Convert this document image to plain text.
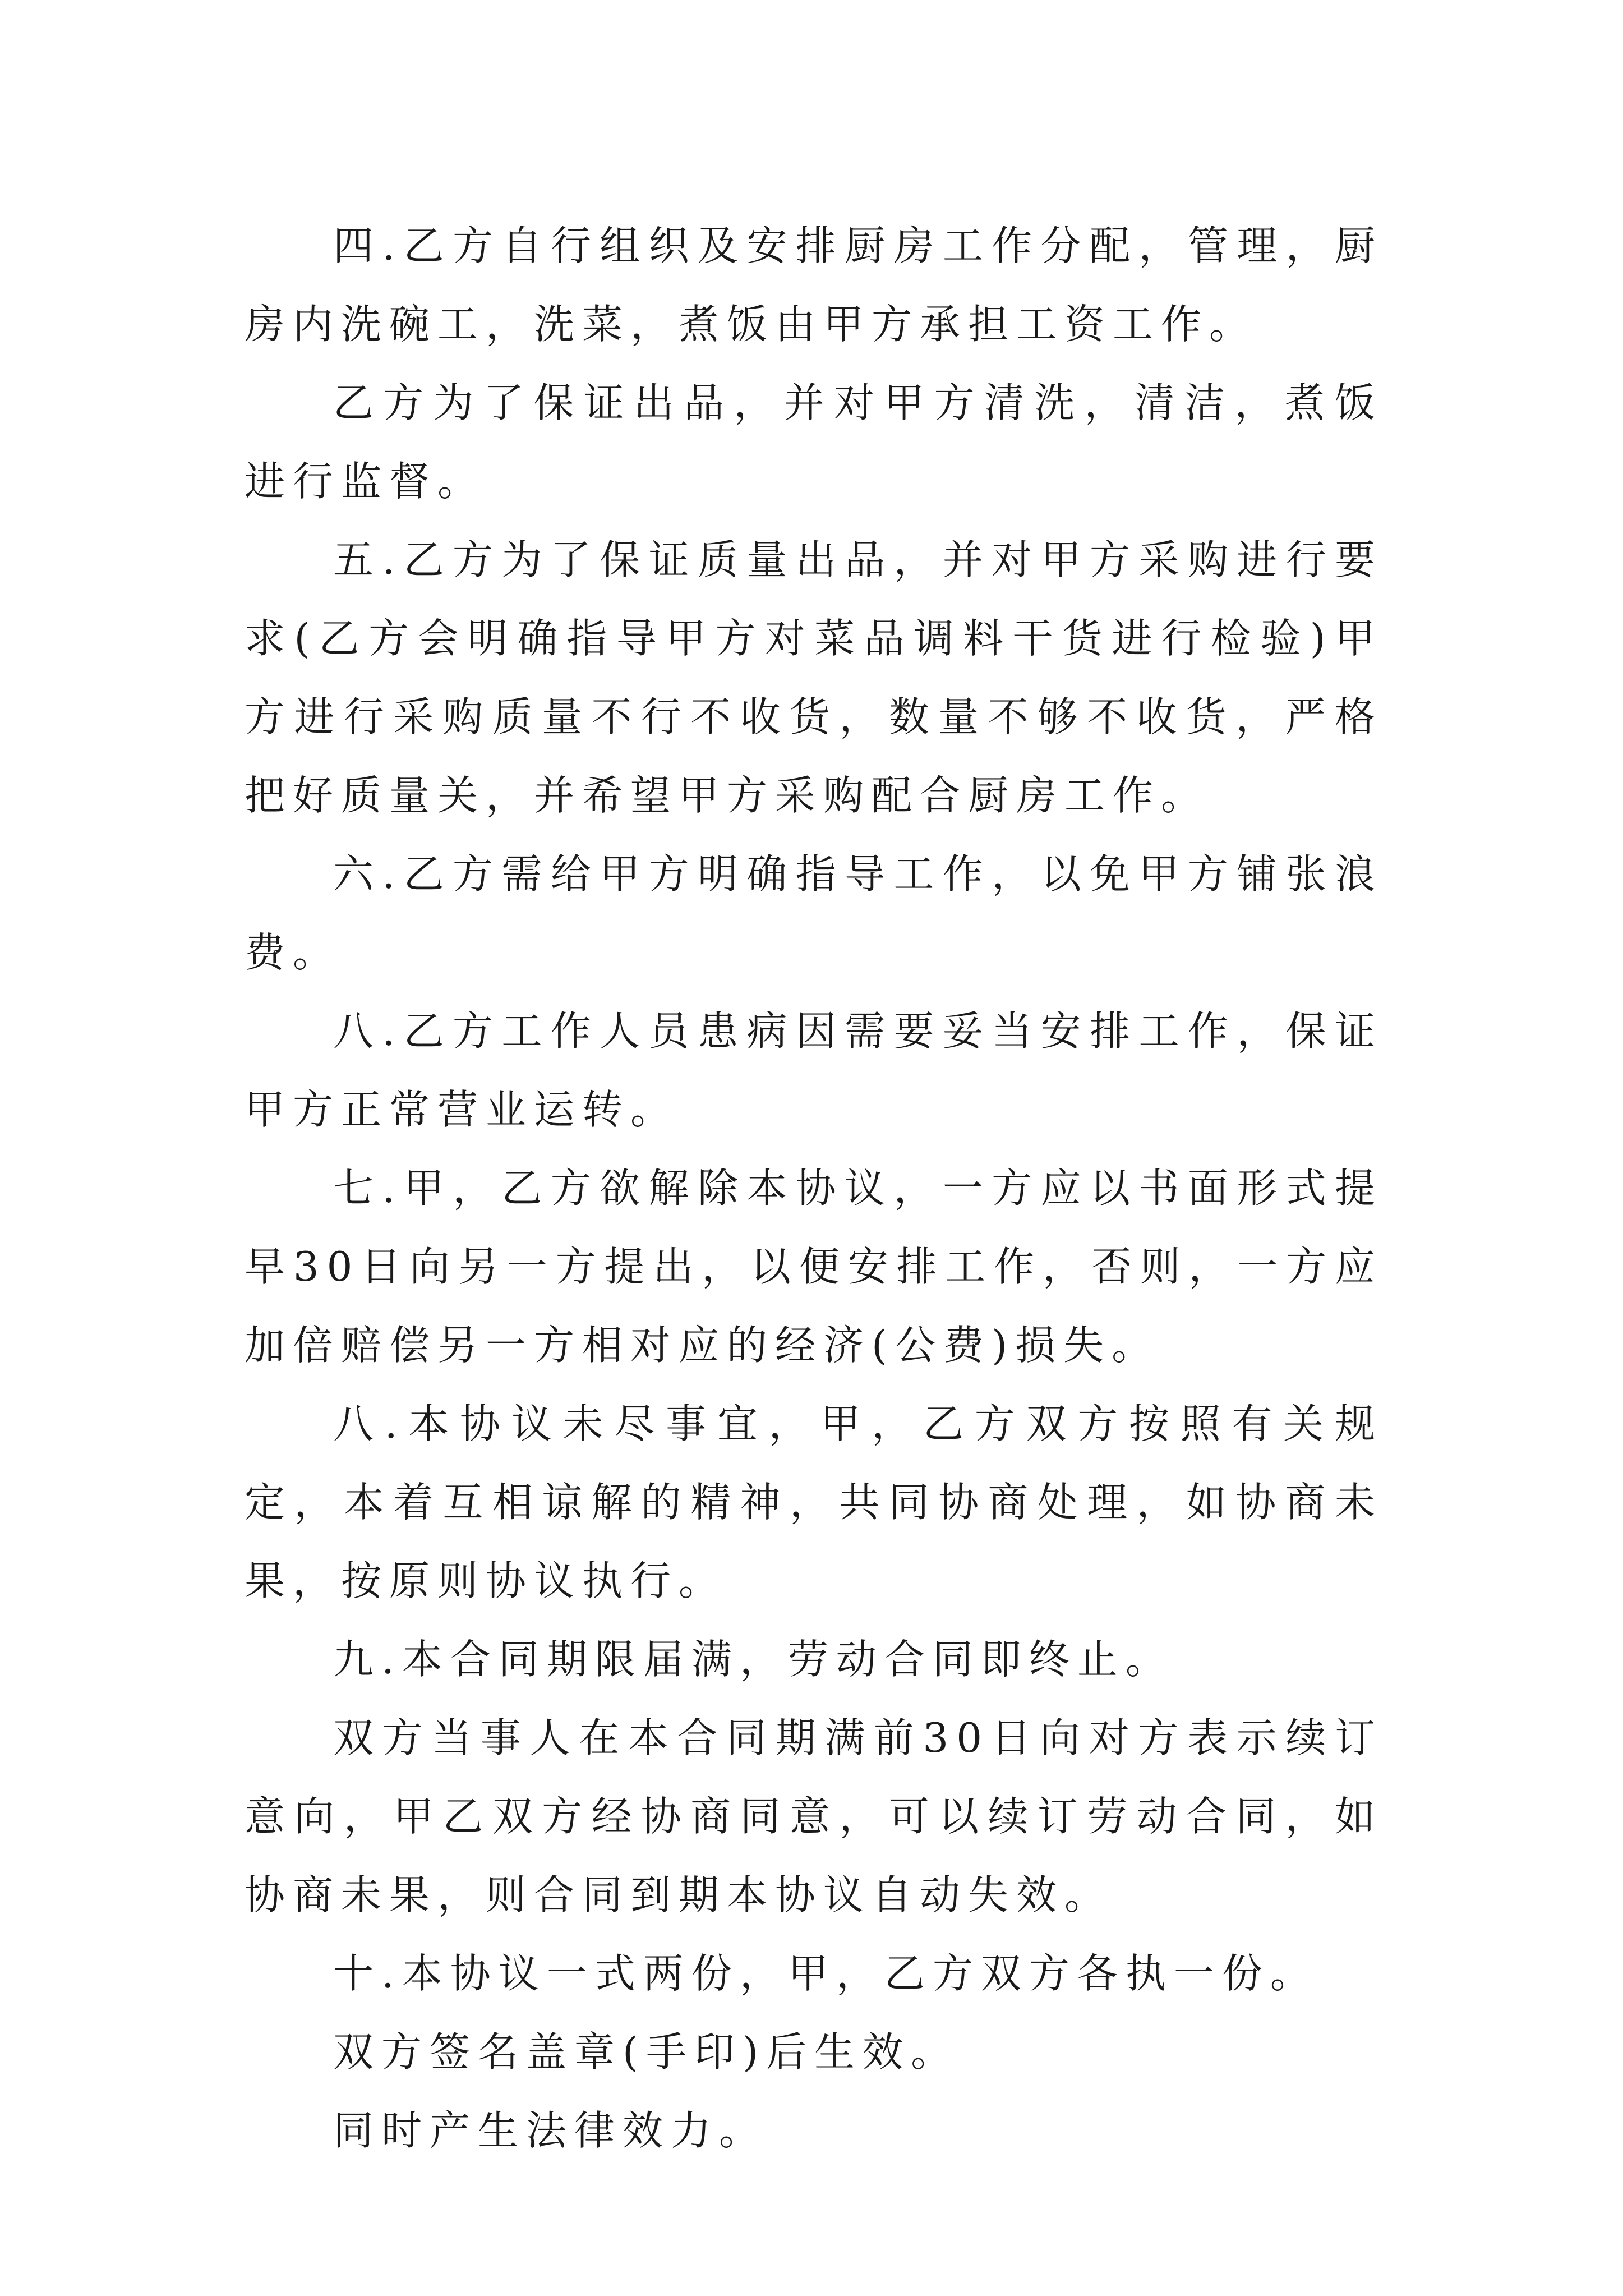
四.乙方自行组织及安排厨房工作分配，管理，厨房内洗碗工，洗菜，煮饭由甲方承担工资工作。

乙方为了保证出品，并对甲方清洗，清洁，煮饭进行监督。

五.乙方为了保证质量出品，并对甲方采购进行要求(乙方会明确指导甲方对菜品调料干货进行检验)甲方进行采购质量不行不收货，数量不够不收货，严格把好质量关，并希望甲方采购配合厨房工作。

六.乙方需给甲方明确指导工作，以免甲方铺张浪费。

八.乙方工作人员患病因需要妥当安排工作，保证甲方正常营业运转。

七.甲，乙方欲解除本协议，一方应以书面形式提早30日向另一方提出，以便安排工作，否则，一方应加倍赔偿另一方相对应的经济(公费)损失。

八.本协议未尽事宜，甲，乙方双方按照有关规定，本着互相谅解的精神，共同协商处理，如协商未果，按原则协议执行。

九.本合同期限届满，劳动合同即终止。

双方当事人在本合同期满前30日向对方表示续订意向，甲乙双方经协商同意，可以续订劳动合同，如协商未果，则合同到期本协议自动失效。

十.本协议一式两份，甲，乙方双方各执一份。

双方签名盖章(手印)后生效。

同时产生法律效力。
